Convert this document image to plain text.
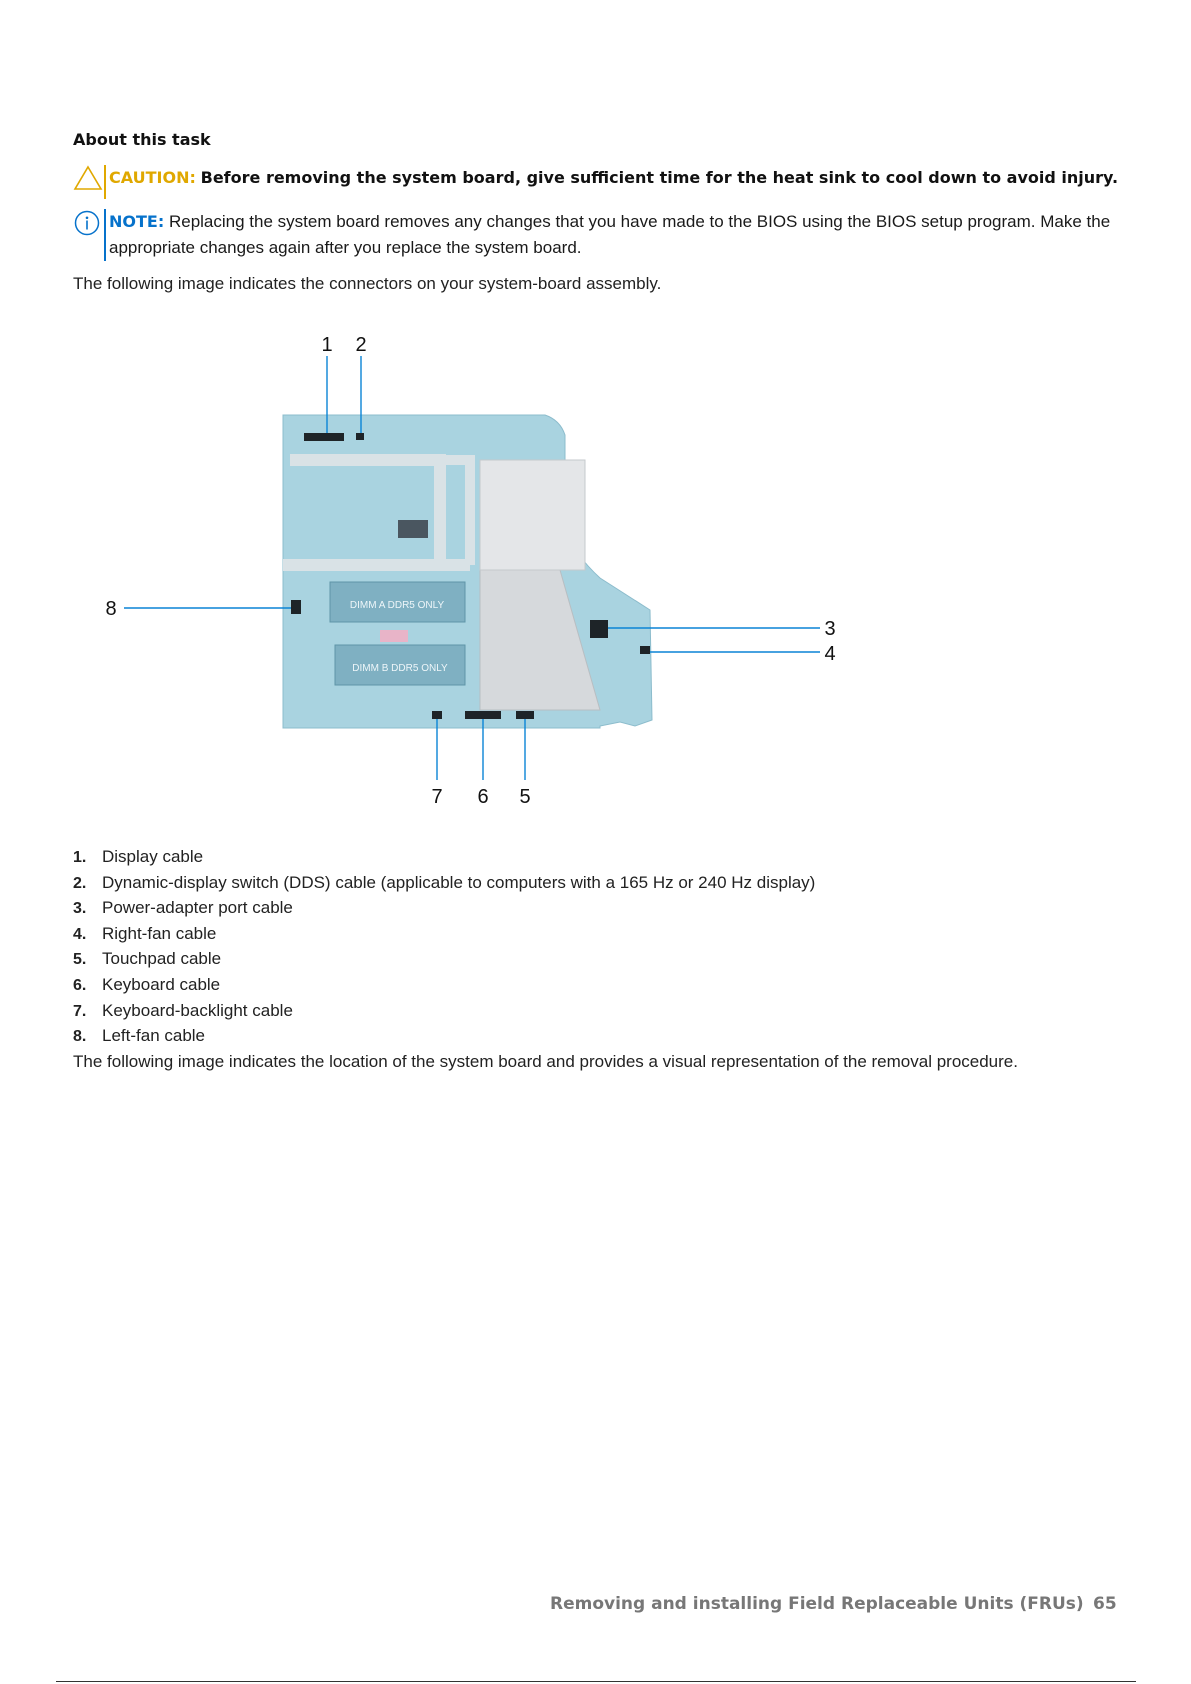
About this task
CAUTION: Before removing the system board, give sufficient time for the heat sink to cool down to avoid injury.
NOTE: Replacing the system board removes any changes that you have made to the BIOS using the BIOS setup program. Make the appropriate changes again after you replace the system board.
The following image indicates the connectors on your system-board assembly.
DIMM A DDR5 ONLY
DIMM B DDR5 ONLY
1 2
3
4
5
6
7
8
1. Display cable
2. Dynamic-display switch (DDS) cable (applicable to computers with a 165 Hz or 240 Hz display)
3. Power-adapter port cable
4. Right-fan cable
5. Touchpad cable
6. Keyboard cable
7. Keyboard-backlight cable
8. Left-fan cable
The following image indicates the location of the system board and provides a visual representation of the removal procedure.
Removing and installing Field Replaceable Units (FRUs) 65
